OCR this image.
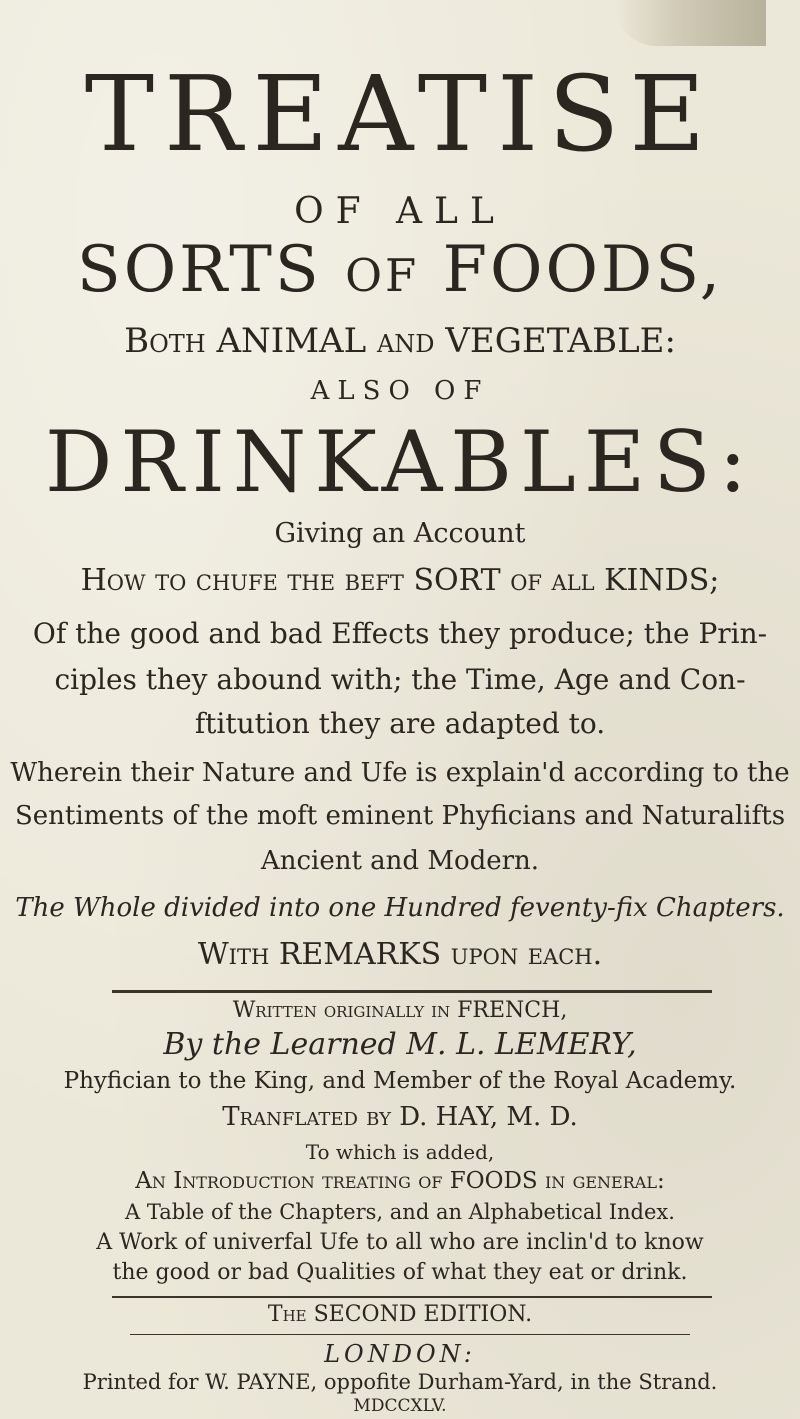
TREATISE
OF ALL
SORTS of FOODS,
Both ANIMAL and VEGETABLE:
ALSO OF
DRINKABLES:
Giving an Account
How to chufe the beft SORT of all KINDS;
Of the good and bad Effects they produce; the Prin-
ciples they abound with; the Time, Age and Con-
ftitution they are adapted to.
Wherein their Nature and Ufe is explain'd according to the
Sentiments of the moft eminent Phyficians and Naturalifts
Ancient and Modern.
The Whole divided into one Hundred feventy-fix Chapters.
With REMARKS upon each.
Written originally in FRENCH,
By the Learned M. L. LEMERY,
Phyfician to the King, and Member of the Royal Academy.
Tranflated by D. HAY, M. D.
To which is added,
An Introduction treating of FOODS in general:
A Table of the Chapters, and an Alphabetical Index.
A Work of univerfal Ufe to all who are inclin'd to know
the good or bad Qualities of what they eat or drink.
The SECOND EDITION.
LONDON:
Printed for W. PAYNE, oppofite Durham-Yard, in the Strand.
MDCCXLV.
